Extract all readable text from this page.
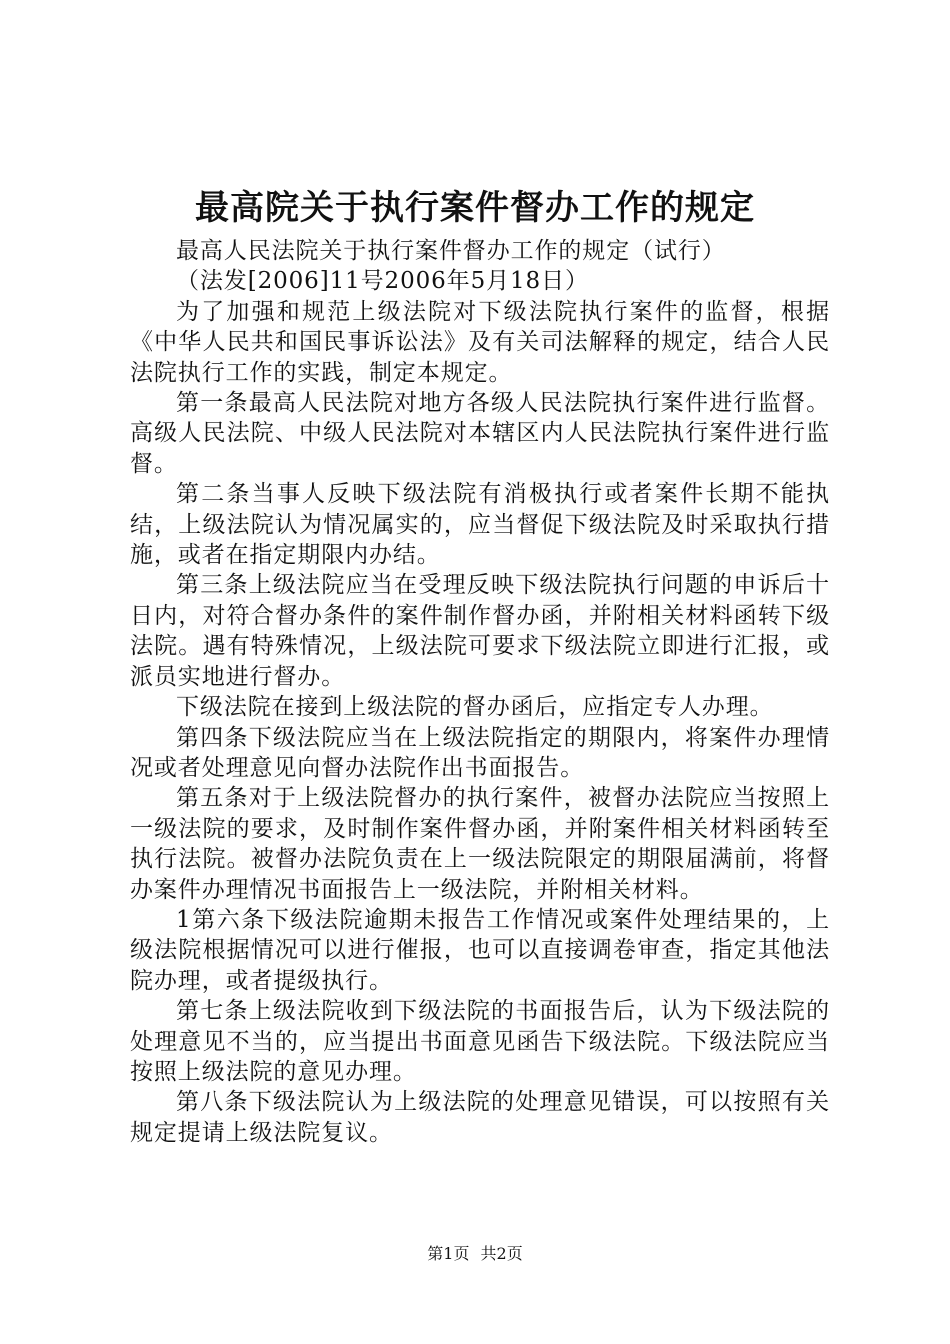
最高院关于执行案件督办工作的规定

最高人民法院关于执行案件督办工作的规定（试行）

（法发[2006]11号2006年5月18日）

为了加强和规范上级法院对下级法院执行案件的监督，根据《中华人民共和国民事诉讼法》及有关司法解释的规定，结合人民法院执行工作的实践，制定本规定。

第一条最高人民法院对地方各级人民法院执行案件进行监督。高级人民法院、中级人民法院对本辖区内人民法院执行案件进行监督。

第二条当事人反映下级法院有消极执行或者案件长期不能执结，上级法院认为情况属实的，应当督促下级法院及时采取执行措施，或者在指定期限内办结。

第三条上级法院应当在受理反映下级法院执行问题的申诉后十日内，对符合督办条件的案件制作督办函，并附相关材料函转下级法院。遇有特殊情况，上级法院可要求下级法院立即进行汇报，或派员实地进行督办。

下级法院在接到上级法院的督办函后，应指定专人办理。

第四条下级法院应当在上级法院指定的期限内，将案件办理情况或者处理意见向督办法院作出书面报告。

第五条对于上级法院督办的执行案件，被督办法院应当按照上一级法院的要求，及时制作案件督办函，并附案件相关材料函转至执行法院。被督办法院负责在上一级法院限定的期限届满前，将督办案件办理情况书面报告上一级法院，并附相关材料。

1第六条下级法院逾期未报告工作情况或案件处理结果的，上级法院根据情况可以进行催报，也可以直接调卷审查，指定其他法院办理，或者提级执行。

第七条上级法院收到下级法院的书面报告后，认为下级法院的处理意见不当的，应当提出书面意见函告下级法院。下级法院应当按照上级法院的意见办理。

第八条下级法院认为上级法院的处理意见错误，可以按照有关规定提请上级法院复议。

第1页 共2页
